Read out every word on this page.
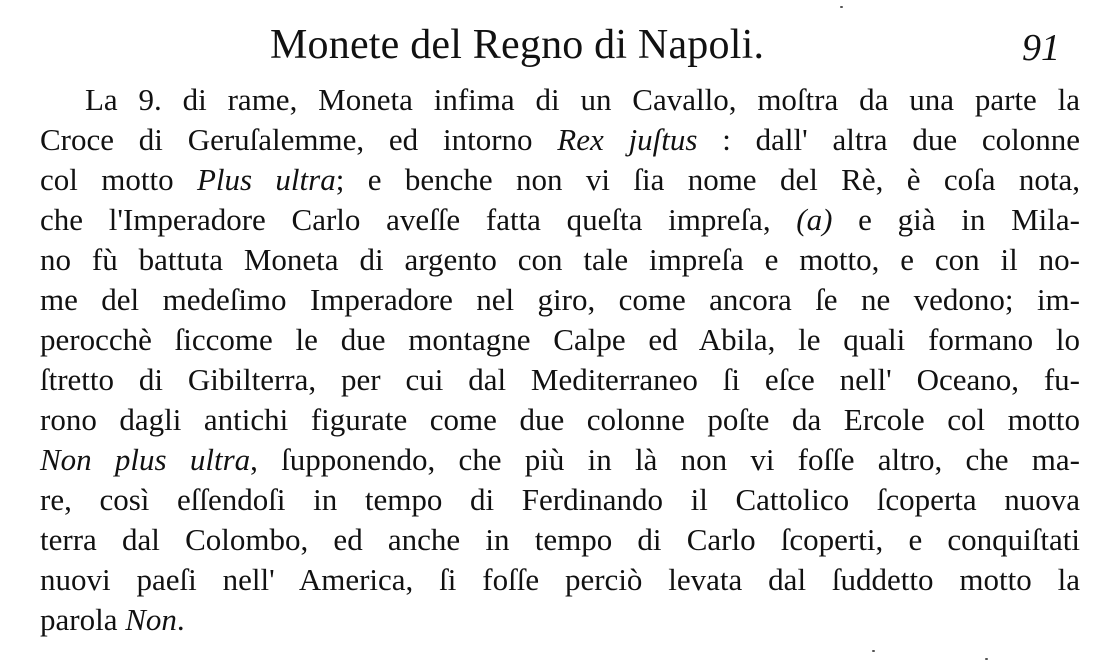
Monete del Regno di Napoli.	91
La 9. di rame, Moneta infima di un Cavallo, moſtra da una parte la
Croce di Geruſalemme, ed intorno Rex juſtus : dall' altra due colonne
col motto Plus ultra; e benche non vi ſia nome del Rè, è coſa nota,
che l'Imperadore Carlo aveſſe fatta queſta impreſa, (a) e già in Mila-
no fù battuta Moneta di argento con tale impreſa e motto, e con il no-
me del medeſimo Imperadore nel giro, come ancora ſe ne vedono; im-
perocchè ſiccome le due montagne Calpe ed Abila, le quali formano lo
ſtretto di Gibilterra, per cui dal Mediterraneo ſi eſce nell' Oceano, fu-
rono dagli antichi figurate come due colonne poſte da Ercole col motto
Non plus ultra, ſupponendo, che più in là non vi foſſe altro, che ma-
re, così eſſendoſi in tempo di Ferdinando il Cattolico ſcoperta nuova
terra dal Colombo, ed anche in tempo di Carlo ſcoperti, e conquiſtati
nuovi paeſi nell' America, ſi foſſe perciò levata dal ſuddetto motto la
parola Non.
